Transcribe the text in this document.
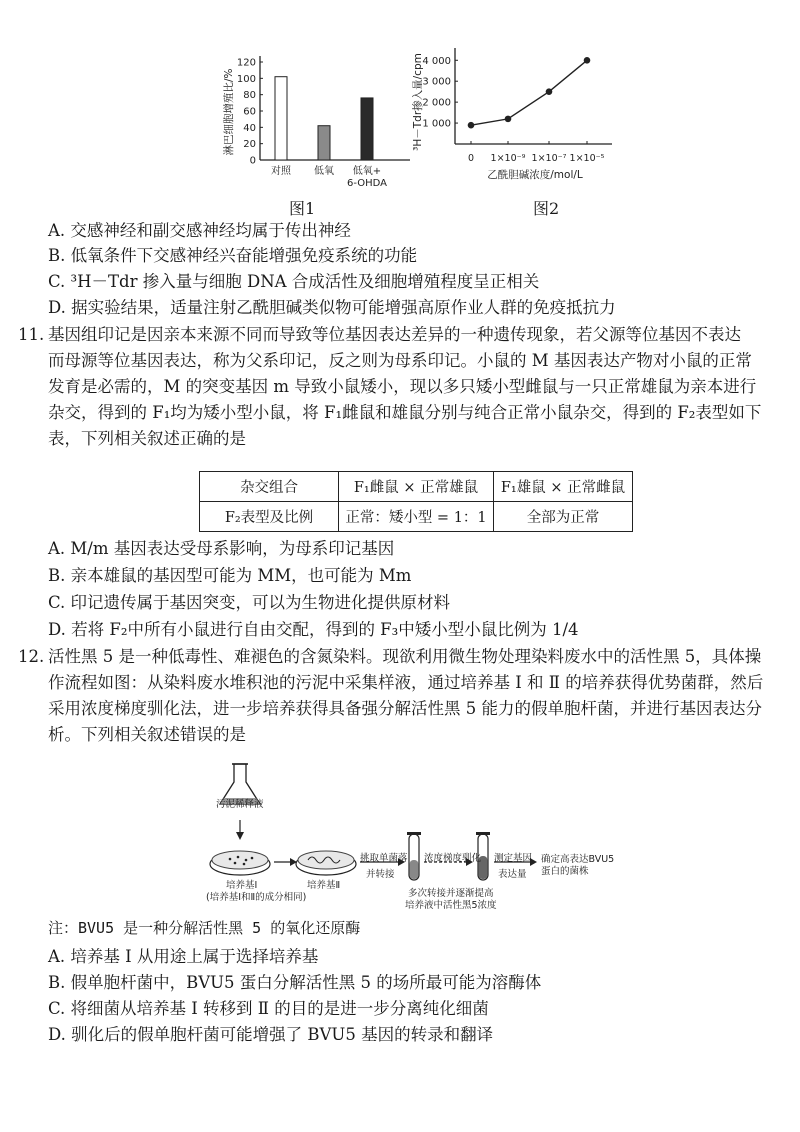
淋巴细胞增殖比/%
0
20
40
60
80
100
120
对照 低氧 低氧+
6-OHDA
图1
³H－Tdr掺入量/cpm
1 000
2 000
3 000
4 000
0 1×10⁻⁹ 1×10⁻⁷ 1×10⁻⁵
乙酰胆碱浓度/mol/L
图2
A. 交感神经和副交感神经均属于传出神经
B. 低氧条件下交感神经兴奋能增强免疫系统的功能
C. ³H－Tdr 掺入量与细胞 DNA 合成活性及细胞增殖程度呈正相关
D. 据实验结果，适量注射乙酰胆碱类似物可能增强高原作业人群的免疫抵抗力
11. 基因组印记是因亲本来源不同而导致等位基因表达差异的一种遗传现象，若父源等位基因不表达
而母源等位基因表达，称为父系印记，反之则为母系印记。小鼠的 M 基因表达产物对小鼠的正常
发育是必需的，M 的突变基因 m 导致小鼠矮小，现以多只矮小型雌鼠与一只正常雄鼠为亲本进行
杂交，得到的 F₁均为矮小型小鼠，将 F₁雌鼠和雄鼠分别与纯合正常小鼠杂交，得到的 F₂表型如下
表，下列相关叙述正确的是
杂交组合	F₁雌鼠 × 正常雄鼠	F₁雄鼠 × 正常雌鼠
F₂表型及比例	正常：矮小型 = 1：1	全部为正常
A. M/m 基因表达受母系影响，为母系印记基因
B. 亲本雄鼠的基因型可能为 MM，也可能为 Mm
C. 印记遗传属于基因突变，可以为生物进化提供原材料
D. 若将 F₂中所有小鼠进行自由交配，得到的 F₃中矮小型小鼠比例为 1/4
12. 活性黑 5 是一种低毒性、难褪色的含氮染料。现欲利用微生物处理染料废水中的活性黑 5，具体操
作流程如图：从染料废水堆积池的污泥中采集样液，通过培养基 Ⅰ 和 Ⅱ 的培养获得优势菌群，然后
采用浓度梯度驯化法，进一步培养获得具备强分解活性黑 5 能力的假单胞杆菌，并进行基因表达分
析。下列相关叙述错误的是
污泥稀释液
培养基Ⅰ
(培养基Ⅰ和Ⅱ的成分相同)
培养基Ⅱ
挑取单菌落
并转接
浓度梯度驯化
多次转接并逐渐提高
培养液中活性黑5浓度
测定基因
表达量
确定高表达BVU5
蛋白的菌株
注：BVU5 是一种分解活性黑 5 的氧化还原酶
A. 培养基 Ⅰ 从用途上属于选择培养基
B. 假单胞杆菌中，BVU5 蛋白分解活性黑 5 的场所最可能为溶酶体
C. 将细菌从培养基 Ⅰ 转移到 Ⅱ 的目的是进一步分离纯化细菌
D. 驯化后的假单胞杆菌可能增强了 BVU5 基因的转录和翻译
